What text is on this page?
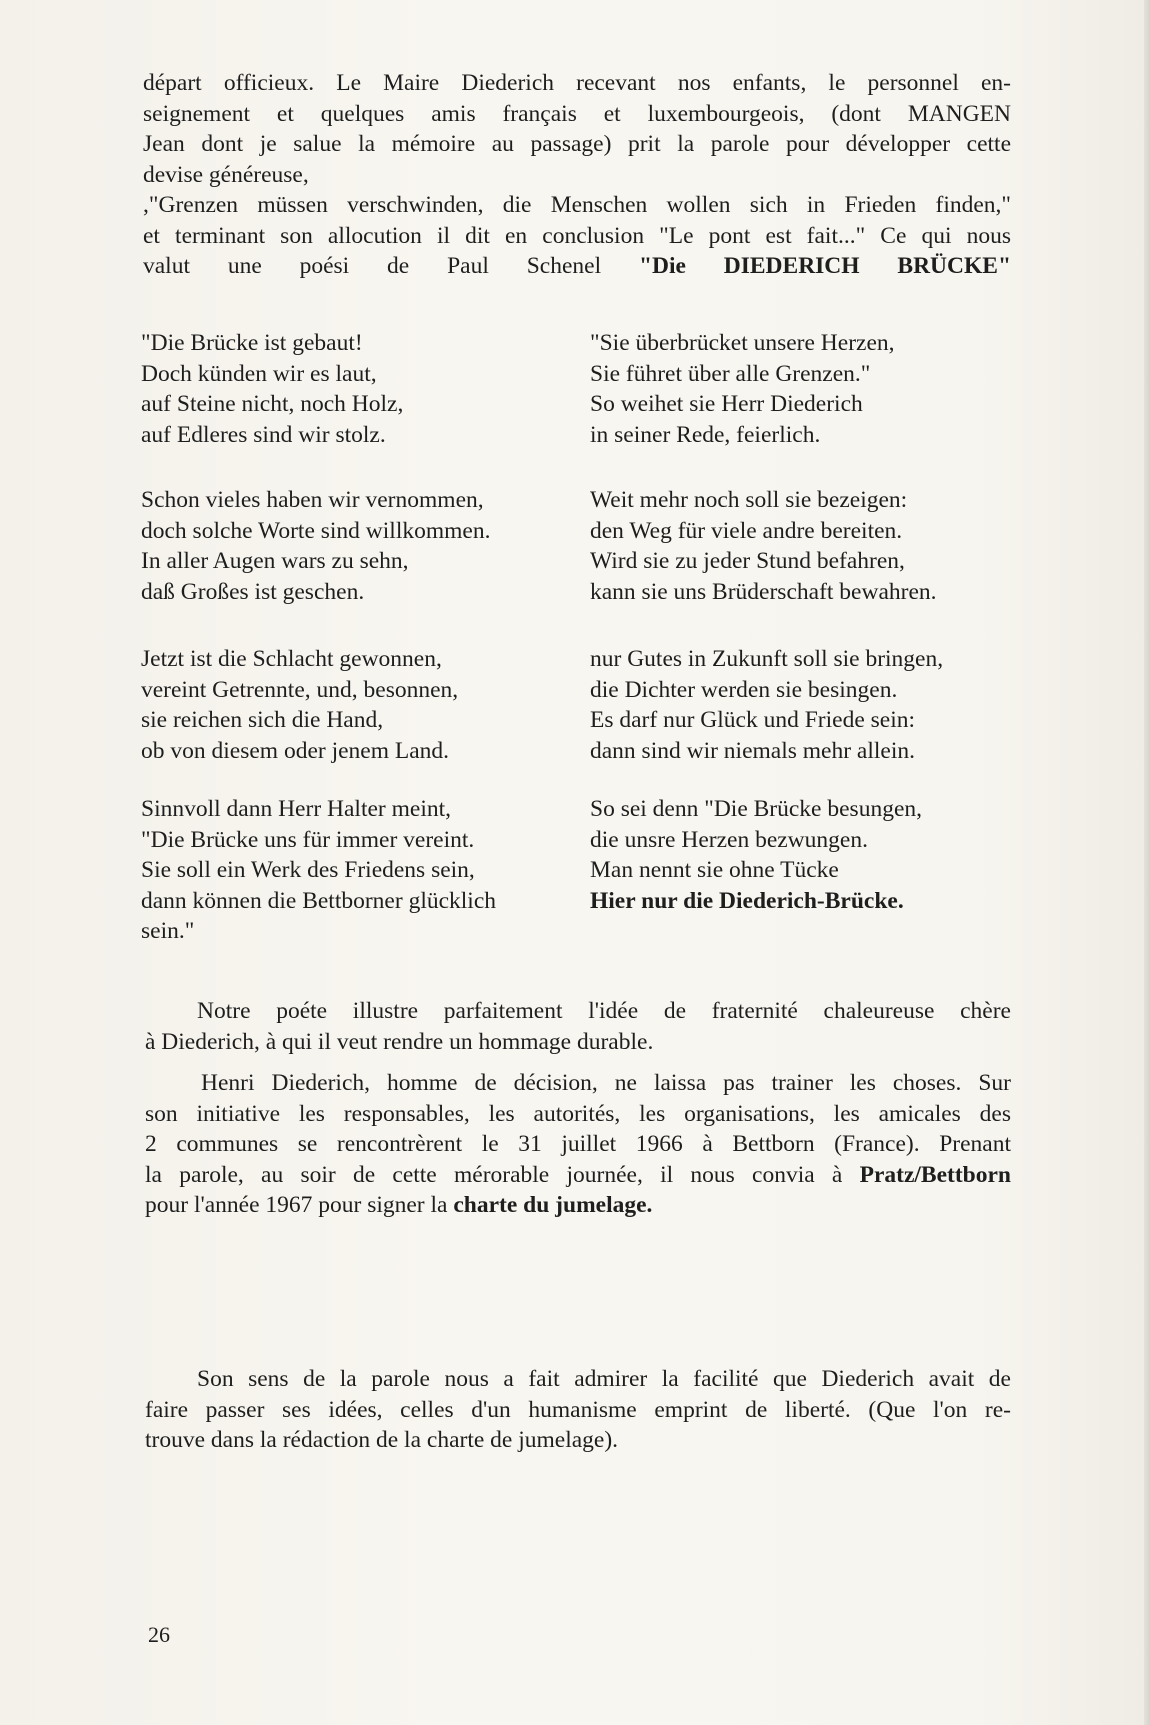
départ officieux. Le Maire Diederich recevant nos enfants, le personnel en-
seignement et quelques amis français et luxembourgeois, (dont MANGEN
Jean dont je salue la mémoire au passage) prit la parole pour développer cette
devise généreuse,
,"Grenzen müssen verschwinden, die Menschen wollen sich in Frieden finden,"
et terminant son allocution il dit en conclusion "Le pont est fait..." Ce qui nous
valut une poési de Paul Schenel "Die DIEDERICH BRÜCKE"
"Die Brücke ist gebaut!
Doch künden wir es laut,
auf Steine nicht, noch Holz,
auf Edleres sind wir stolz.
Schon vieles haben wir vernommen,
doch solche Worte sind willkommen.
In aller Augen wars zu sehn,
daß Großes ist geschen.
Jetzt ist die Schlacht gewonnen,
vereint Getrennte, und, besonnen,
sie reichen sich die Hand,
ob von diesem oder jenem Land.
Sinnvoll dann Herr Halter meint,
"Die Brücke uns für immer vereint.
Sie soll ein Werk des Friedens sein,
dann können die Bettborner glücklich
sein."
"Sie überbrücket unsere Herzen,
Sie führet über alle Grenzen."
So weihet sie Herr Diederich
in seiner Rede, feierlich.
Weit mehr noch soll sie bezeigen:
den Weg für viele andre bereiten.
Wird sie zu jeder Stund befahren,
kann sie uns Brüderschaft bewahren.
nur Gutes in Zukunft soll sie bringen,
die Dichter werden sie besingen.
Es darf nur Glück und Friede sein:
dann sind wir niemals mehr allein.
So sei denn "Die Brücke besungen,
die unsre Herzen bezwungen.
Man nennt sie ohne Tücke
Hier nur die Diederich-Brücke.
Notre poéte illustre parfaitement l'idée de fraternité chaleureuse chère
à Diederich, à qui il veut rendre un hommage durable.
Henri Diederich, homme de décision, ne laissa pas trainer les choses. Sur
son initiative les responsables, les autorités, les organisations, les amicales des
2 communes se rencontrèrent le 31 juillet 1966 à Bettborn (France). Prenant
la parole, au soir de cette mérorable journée, il nous convia à Pratz/Bettborn
pour l'année 1967 pour signer la charte du jumelage.
Son sens de la parole nous a fait admirer la facilité que Diederich avait de
faire passer ses idées, celles d'un humanisme emprint de liberté. (Que l'on re-
trouve dans la rédaction de la charte de jumelage).
26
